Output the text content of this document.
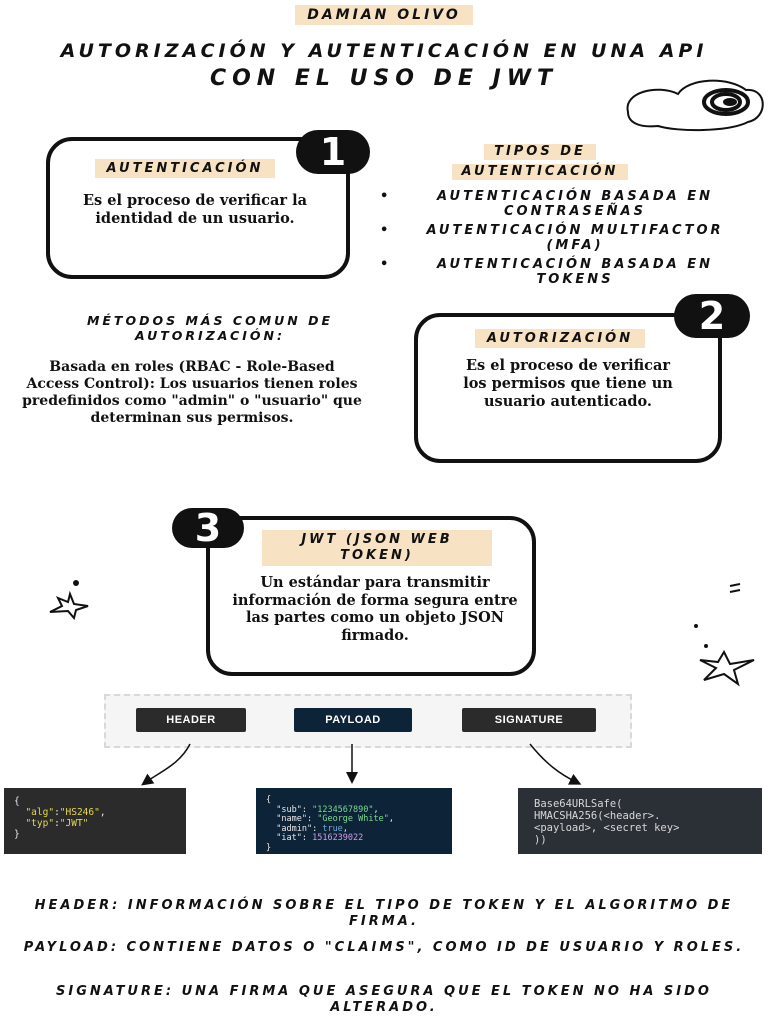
DAMIAN OLIVO
AUTORIZACIÓN Y AUTENTICACIÓN EN UNA API
CON EL USO DE JWT
1
AUTENTICACIÓN
Es el proceso de verificar la identidad de un usuario.
TIPOS DE
AUTENTICACIÓN
• AUTENTICACIÓN BASADA EN CONTRASEÑAS
• AUTENTICACIÓN MULTIFACTOR (MFA)
• AUTENTICACIÓN BASADA EN TOKENS
MÉTODOS MÁS COMUN DE AUTORIZACIÓN:
Basada en roles (RBAC - Role-Based Access Control): Los usuarios tienen roles predefinidos como "admin" o "usuario" que determinan sus permisos.
2
AUTORIZACIÓN
Es el proceso de verificar los permisos que tiene un usuario autenticado.
3	JWT (JSON WEB TOKEN)
Un estándar para transmitir información de forma segura entre las partes como un objeto JSON firmado.
HEADER	PAYLOAD	SIGNATURE
{
"alg":"HS246",
"typ":"JWT"
}
{
"sub": "1234567890",
"name": "George White",
"admin": true,
"iat": 1516239022
}
Base64URLSafe(
HMACSHA256(<header>.
<payload>, <secret key>
))
HEADER: INFORMACIÓN SOBRE EL TIPO DE TOKEN Y EL ALGORITMO DE FIRMA.
PAYLOAD: CONTIENE DATOS O "CLAIMS", COMO ID DE USUARIO Y ROLES.
SIGNATURE: UNA FIRMA QUE ASEGURA QUE EL TOKEN NO HA SIDO ALTERADO.
